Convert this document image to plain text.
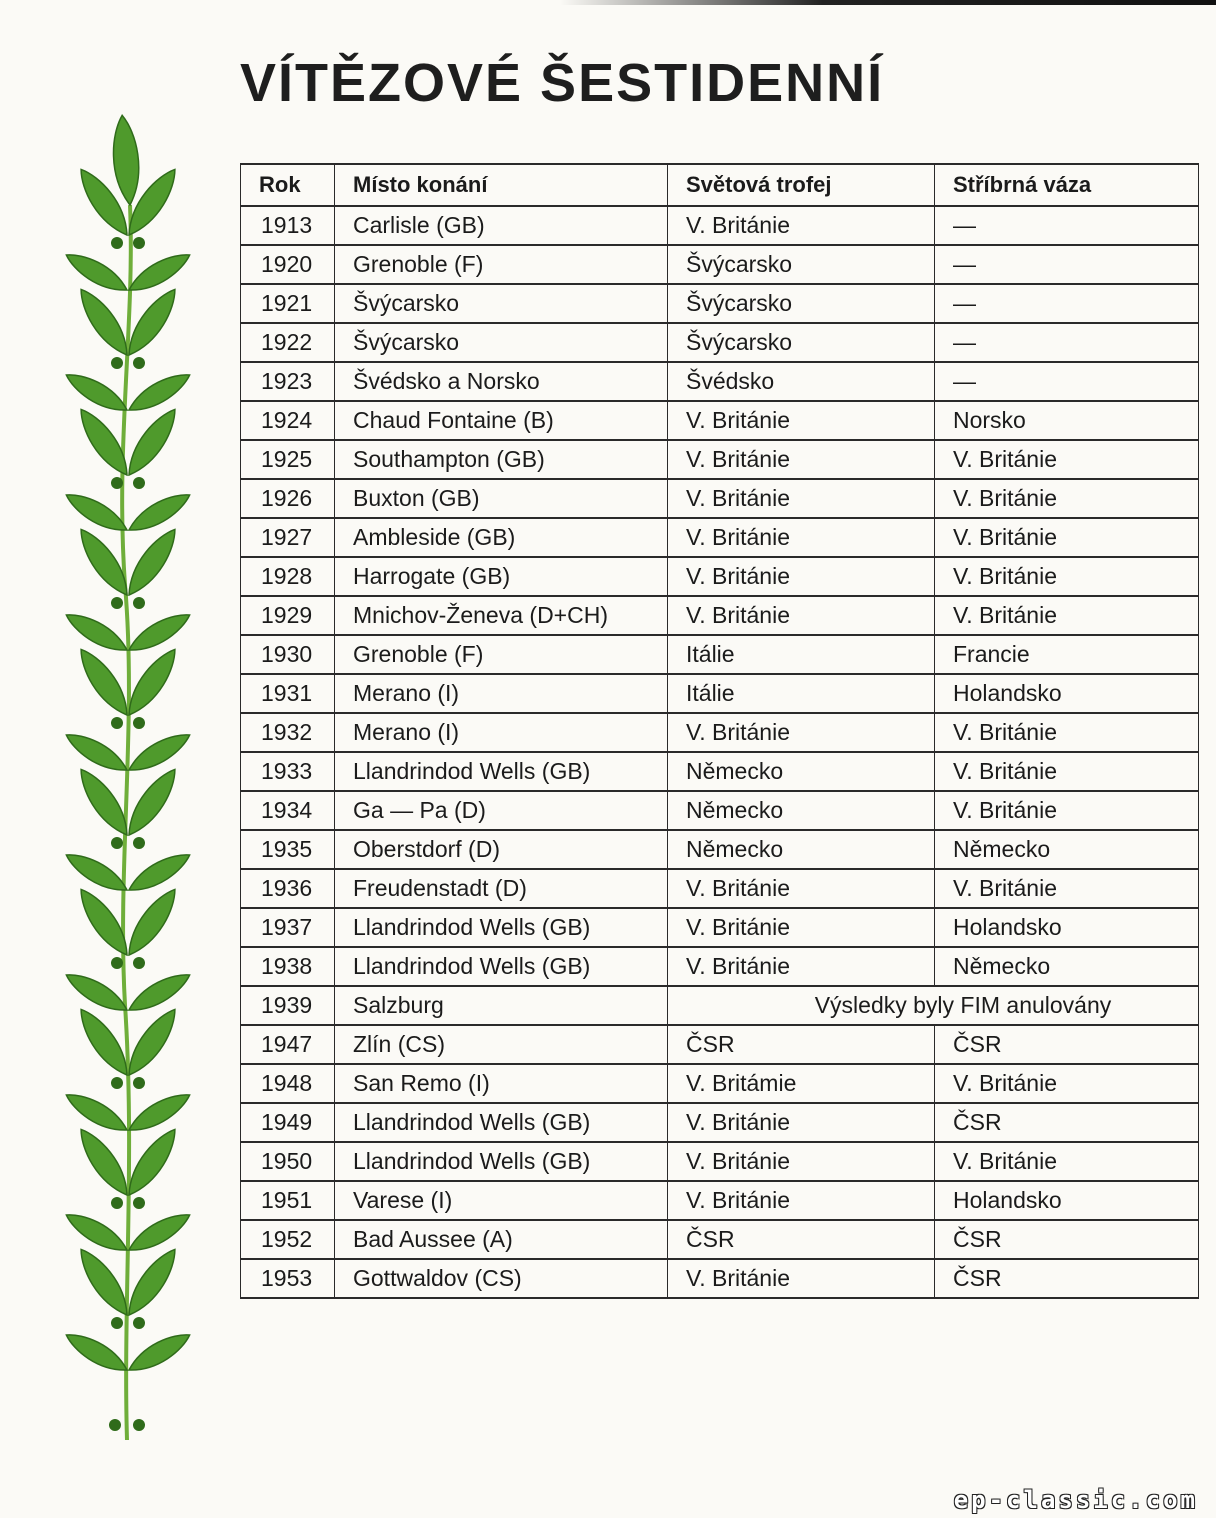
VÍTĚZOVÉ ŠESTIDENNÍ
Rok	Místo konání	Světová trofej	Stříbrná váza
1913	Carlisle (GB)	V. Británie	—
1920	Grenoble (F)	Švýcarsko	—
1921	Švýcarsko	Švýcarsko	—
1922	Švýcarsko	Švýcarsko	—
1923	Švédsko a Norsko	Švédsko	—
1924	Chaud Fontaine (B)	V. Británie	Norsko
1925	Southampton (GB)	V. Británie	V. Británie
1926	Buxton (GB)	V. Británie	V. Británie
1927	Ambleside (GB)	V. Británie	V. Británie
1928	Harrogate (GB)	V. Británie	V. Británie
1929	Mnichov-Ženeva (D+CH)	V. Británie	V. Británie
1930	Grenoble (F)	Itálie	Francie
1931	Merano (I)	Itálie	Holandsko
1932	Merano (I)	V. Británie	V. Británie
1933	Llandrindod Wells (GB)	Německo	V. Británie
1934	Ga — Pa (D)	Německo	V. Británie
1935	Oberstdorf (D)	Německo	Německo
1936	Freudenstadt (D)	V. Británie	V. Británie
1937	Llandrindod Wells (GB)	V. Británie	Holandsko
1938	Llandrindod Wells (GB)	V. Británie	Německo
1939	Salzburg	Výsledky byly FIM anulovány	
1947	Zlín (CS)	ČSR	ČSR
1948	San Remo (I)	V. Britámie	V. Británie
1949	Llandrindod Wells (GB)	V. Británie	ČSR
1950	Llandrindod Wells (GB)	V. Británie	V. Británie
1951	Varese (I)	V. Británie	Holandsko
1952	Bad Aussee (A)	ČSR	ČSR
1953	Gottwaldov (CS)	V. Británie	ČSR
ep-classic.com
